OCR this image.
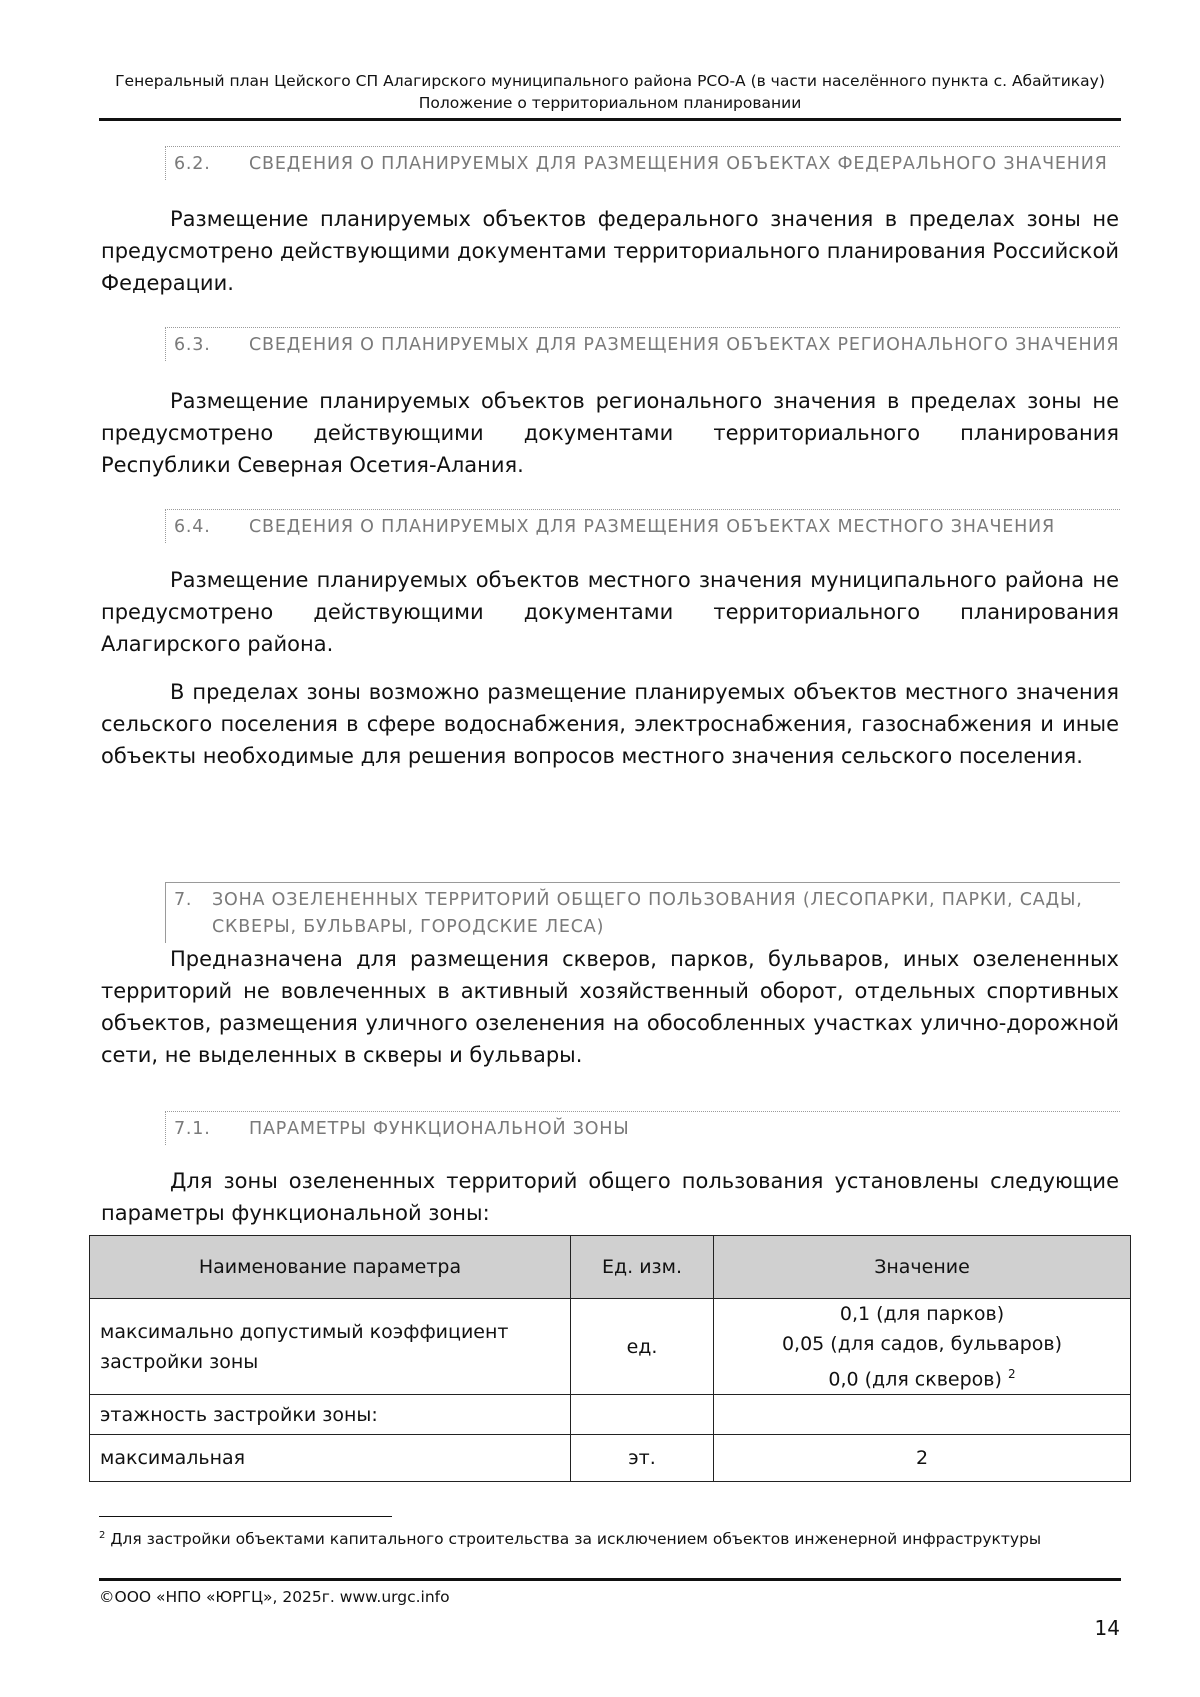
Генеральный план Цейского СП Алагирского муниципального района РСО-А (в части населённого пункта с. Абайтикау)
Положение о территориальном планировании
6.2. СВЕДЕНИЯ О ПЛАНИРУЕМЫХ ДЛЯ РАЗМЕЩЕНИЯ ОБЪЕКТАХ ФЕДЕРАЛЬНОГО ЗНАЧЕНИЯ

Размещение планируемых объектов федерального значения в пределах зоны не предусмотрено действующими документами территориального планирования Российской Федерации.

6.3. СВЕДЕНИЯ О ПЛАНИРУЕМЫХ ДЛЯ РАЗМЕЩЕНИЯ ОБЪЕКТАХ РЕГИОНАЛЬНОГО ЗНАЧЕНИЯ

Размещение планируемых объектов регионального значения в пределах зоны не предусмотрено действующими документами территориального планирования Республики Северная Осетия-Алания.

6.4. СВЕДЕНИЯ О ПЛАНИРУЕМЫХ ДЛЯ РАЗМЕЩЕНИЯ ОБЪЕКТАХ МЕСТНОГО ЗНАЧЕНИЯ

Размещение планируемых объектов местного значения муниципального района не предусмотрено действующими документами территориального планирования Алагирского района.

В пределах зоны возможно размещение планируемых объектов местного значения сельского поселения в сфере водоснабжения, электроснабжения, газоснабжения и иные объекты необходимые для решения вопросов местного значения сельского поселения.

7. ЗОНА ОЗЕЛЕНЕННЫХ ТЕРРИТОРИЙ ОБЩЕГО ПОЛЬЗОВАНИЯ (ЛЕСОПАРКИ, ПАРКИ, САДЫ, СКВЕРЫ, БУЛЬВАРЫ, ГОРОДСКИЕ ЛЕСА)

Предназначена для размещения скверов, парков, бульваров, иных озелененных территорий не вовлеченных в активный хозяйственный оборот, отдельных спортивных объектов, размещения уличного озеленения на обособленных участках улично-дорожной сети, не выделенных в скверы и бульвары.

7.1. ПАРАМЕТРЫ ФУНКЦИОНАЛЬНОЙ ЗОНЫ

Для зоны озелененных территорий общего пользования установлены следующие параметры функциональной зоны:

Наименование параметра	Ед. изм.	Значение
максимально допустимый коэффициент застройки зоны	ед.	0,1 (для парков)
0,05 (для садов, бульваров)
0,0 (для скверов) $^2$

этажность застройки зоны:		
максимальная	эт.	2
$^2$ Для застройки объектами капитального строительства за исключением объектов инженерной инфраструктуры
©ООО «НПО «ЮРГЦ», 2025г. www.urgc.info
14
